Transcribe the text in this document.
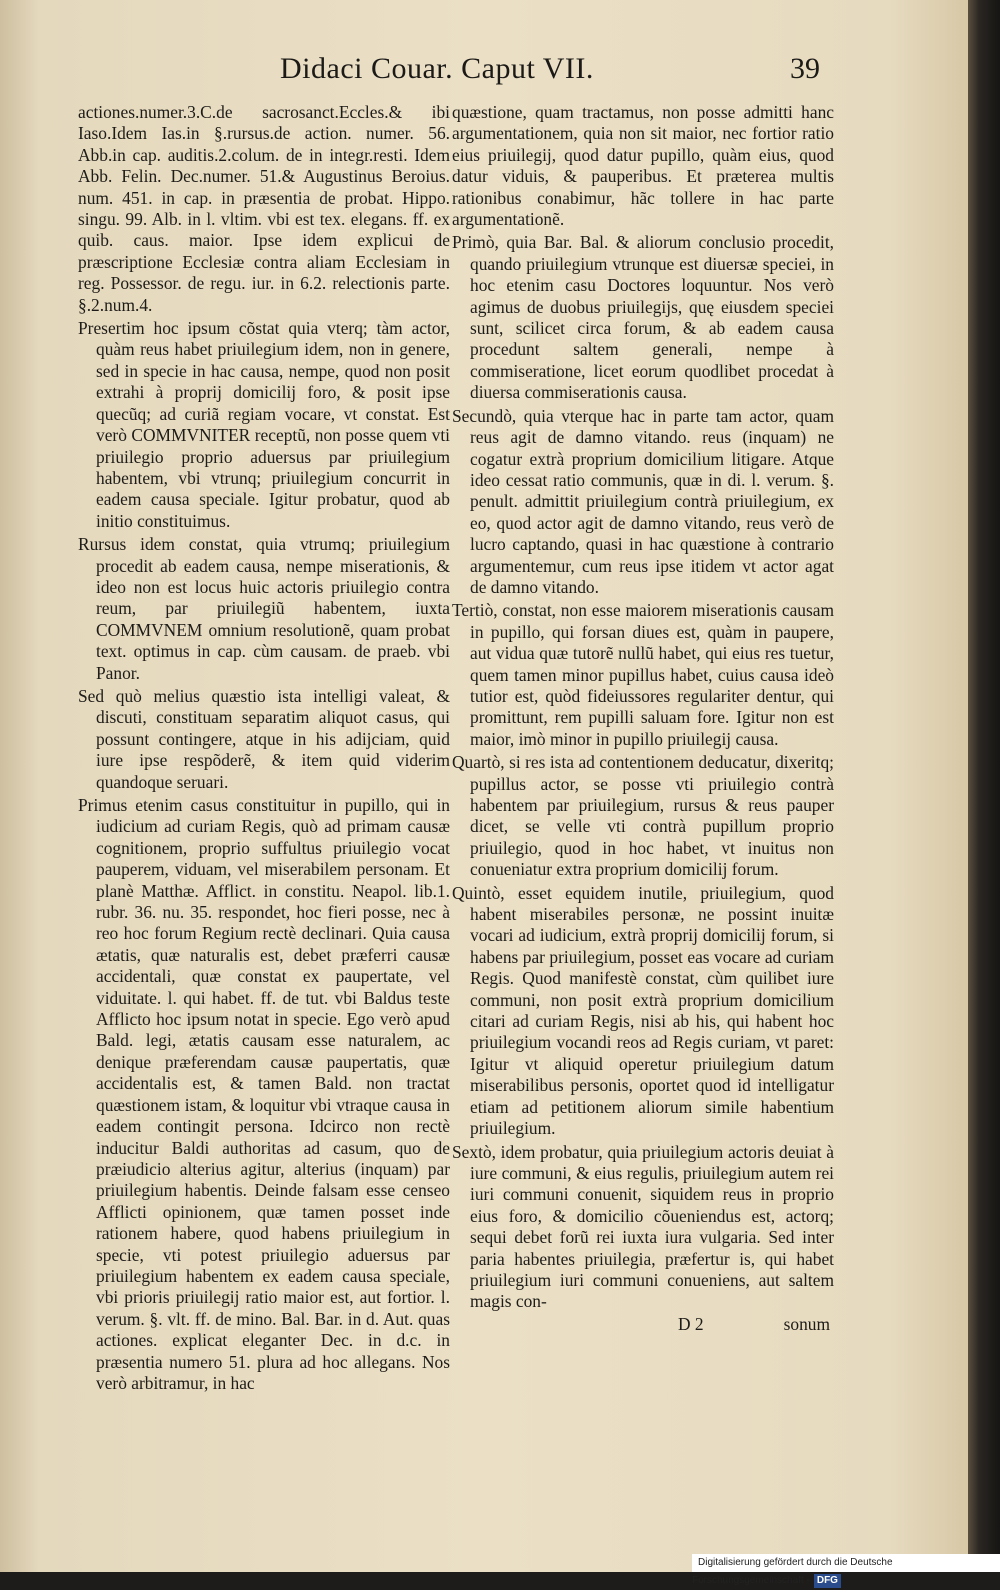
Didaci Couar. Caput VII.	39

actiones.numer.3.C.de sacrosanct.Eccles.& ibi Iaso.Idem Ias.in §.rursus.de action. numer. 56. Abb.in cap. auditis.2.colum. de in integr.resti. Idem Abb. Felin. Dec.numer. 51.& Augustinus Beroius. num. 451. in cap. in præsentia de probat. Hippo. singu. 99. Alb. in l. vltim. vbi est tex. elegans. ff. ex quib. caus. maior. Ipse idem explicui de præscriptione Ecclesiæ contra aliam Ecclesiam in reg. Possessor. de regu. iur. in 6.2. relectionis parte. §.2.num.4.

Presertim hoc ipsum cõstat quia vterq; tàm actor, quàm reus habet priuilegium idem, non in genere, sed in specie in hac causa, nempe, quod non posit extrahi à proprij domicilij foro, & posit ipse quecũq; ad curiã regiam vocare, vt constat. Est verò COMMVNITER receptũ, non posse quem vti priuilegio proprio aduersus par priuilegium habentem, vbi vtrunq; priuilegium concurrit in eadem causa speciale. Igitur probatur, quod ab initio constituimus.

Rursus idem constat, quia vtrumq; priuilegium procedit ab eadem causa, nempe miserationis, & ideo non est locus huic actoris priuilegio contra reum, par priuilegiũ habentem, iuxta COMMVNEM omnium resolutionẽ, quam probat text. optimus in cap. cùm causam. de praeb. vbi Panor.

Sed quò melius quæstio ista intelligi valeat, & discuti, constituam separatim aliquot casus, qui possunt contingere, atque in his adijciam, quid iure ipse respõderẽ, & item quid viderim quandoque seruari.

Primus etenim casus constituitur in pupillo, qui in iudicium ad curiam Regis, quò ad primam causæ cognitionem, proprio suffultus priuilegio vocat pauperem, viduam, vel miserabilem personam. Et planè Matthæ. Afflict. in constitu. Neapol. lib.1. rubr. 36. nu. 35. respondet, hoc fieri posse, nec à reo hoc forum Regium rectè declinari. Quia causa ætatis, quæ naturalis est, debet præferri causæ accidentali, quæ constat ex paupertate, vel viduitate. l. qui habet. ff. de tut. vbi Baldus teste Afflicto hoc ipsum notat in specie. Ego verò apud Bald. legi, ætatis causam esse naturalem, ac denique præferendam causæ paupertatis, quæ accidentalis est, & tamen Bald. non tractat quæstionem istam, & loquitur vbi vtraque causa in eadem contingit persona. Idcirco non rectè inducitur Baldi authoritas ad casum, quo de præiudicio alterius agitur, alterius (inquam) par priuilegium habentis. Deinde falsam esse censeo Afflicti opinionem, quæ tamen posset inde rationem habere, quod habens priuilegium in specie, vti potest priuilegio aduersus par priuilegium habentem ex eadem causa speciale, vbi prioris priuilegij ratio maior est, aut fortior. l. verum. §. vlt. ff. de mino. Bal. Bar. in d. Aut. quas actiones. explicat eleganter Dec. in d.c. in præsentia numero 51. plura ad hoc allegans. Nos verò arbitramur, in hac

quæstione, quam tractamus, non posse admitti hanc argumentationem, quia non sit maior, nec fortior ratio eius priuilegij, quod datur pupillo, quàm eius, quod datur viduis, & pauperibus. Et præterea multis rationibus conabimur, hãc tollere in hac parte argumentationẽ.

Primò, quia Bar. Bal. & aliorum conclusio procedit, quando priuilegium vtrunque est diuersæ speciei, in hoc etenim casu Doctores loquuntur. Nos verò agimus de duobus priuilegijs, quę eiusdem speciei sunt, scilicet circa forum, & ab eadem causa procedunt saltem generali, nempe à commiseratione, licet eorum quodlibet procedat à diuersa commiserationis causa.

Secundò, quia vterque hac in parte tam actor, quam reus agit de damno vitando. reus (inquam) ne cogatur extrà proprium domicilium litigare. Atque ideo cessat ratio communis, quæ in di. l. verum. §. penult. admittit priuilegium contrà priuilegium, ex eo, quod actor agit de damno vitando, reus verò de lucro captando, quasi in hac quæstione à contrario argumentemur, cum reus ipse itidem vt actor agat de damno vitando.

Tertiò, constat, non esse maiorem miserationis causam in pupillo, qui forsan diues est, quàm in paupere, aut vidua quæ tutorẽ nullũ habet, qui eius res tuetur, quem tamen minor pupillus habet, cuius causa ideò tutior est, quòd fideiussores regulariter dentur, qui promittunt, rem pupilli saluam fore. Igitur non est maior, imò minor in pupillo priuilegij causa.

Quartò, si res ista ad contentionem deducatur, dixeritq; pupillus actor, se posse vti priuilegio contrà habentem par priuilegium, rursus & reus pauper dicet, se velle vti contrà pupillum proprio priuilegio, quod in hoc habet, vt inuitus non conueniatur extra proprium domicilij forum.

Quintò, esset equidem inutile, priuilegium, quod habent miserabiles personæ, ne possint inuitæ vocari ad iudicium, extrà proprij domicilij forum, si habens par priuilegium, posset eas vocare ad curiam Regis. Quod manifestè constat, cùm quilibet iure communi, non posit extrà proprium domicilium citari ad curiam Regis, nisi ab his, qui habent hoc priuilegium vocandi reos ad Regis curiam, vt paret: Igitur vt aliquid operetur priuilegium datum miserabilibus personis, oportet quod id intelligatur etiam ad petitionem aliorum simile habentium priuilegium.

Sextò, idem probatur, quia priuilegium actoris deuiat à iure communi, & eius regulis, priuilegium autem rei iuri communi conuenit, siquidem reus in proprio eius foro, & domicilio cõueniendus est, actorq; sequi debet forũ rei iuxta iura vulgaria. Sed inter paria habentes priuilegia, præfertur is, qui habet priuilegium iuri communi conueniens, aut saltem magis con-

D 2	sonum
Digitalisierung gefördert durch die Deutsche Forschungsgemeinschaft - DFG
